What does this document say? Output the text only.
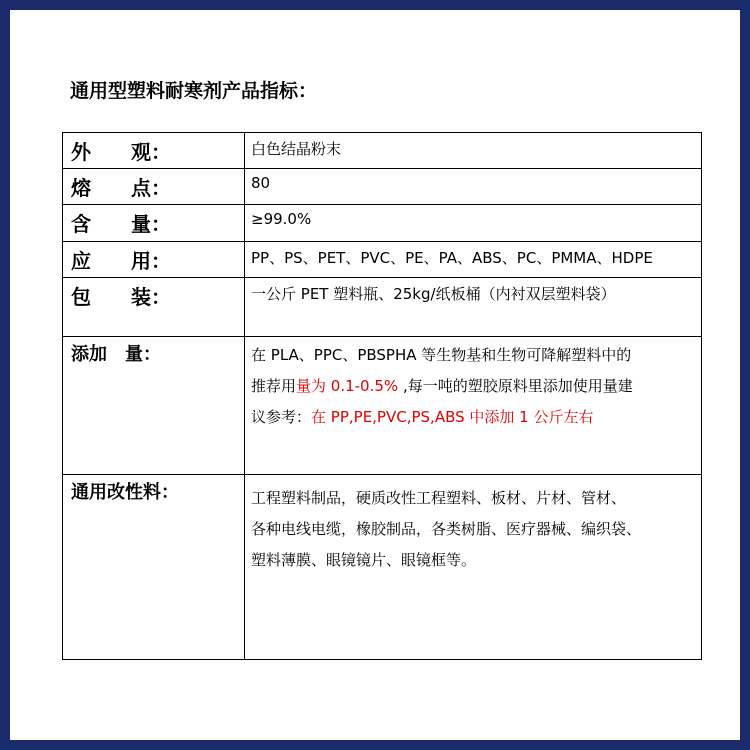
通用型塑料耐寒剂产品指标：
外　　观：	白色结晶粉末
熔　　点：	80
含　　量：	≥99.0%
应　　用：	PP、PS、PET、PVC、PE、PA、ABS、PC、PMMA、HDPE
包　　装：	一公斤 PET 塑料瓶、25kg/纸板桶（内衬双层塑料袋）
添加　量：	在 PLA、PPC、PBSPHA 等生物基和生物可降解塑料中的
推荐用量为 0.1-0.5% ,每一吨的塑胶原料里添加使用量建
议参考：在 PP,PE,PVC,PS,ABS 中添加 1 公斤左右

通用改性料：	工程塑料制品，硬质改性工程塑料、板材、片材、管材、
各种电线电缆，橡胶制品，各类树脂、医疗器械、编织袋、
塑料薄膜、眼镜镜片、眼镜框等。
